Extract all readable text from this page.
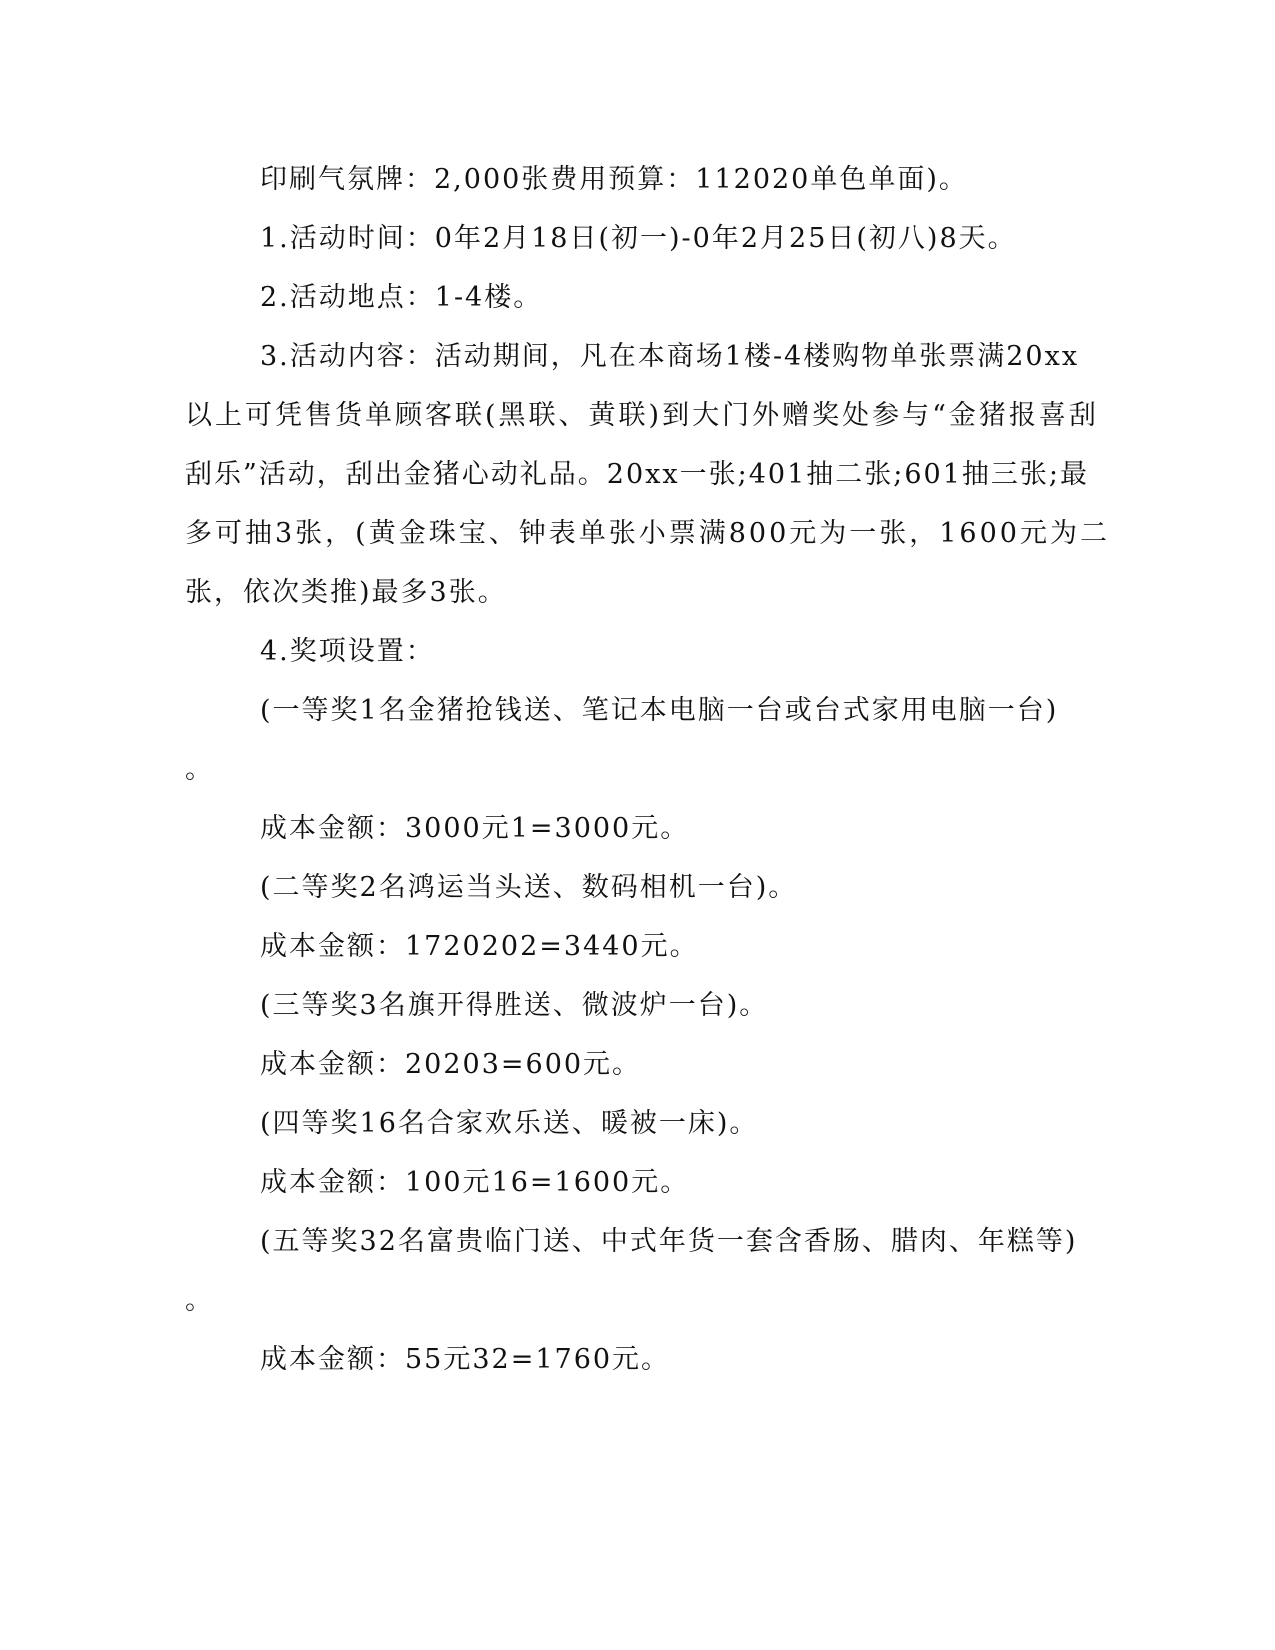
印刷气氛牌：2,000张费用预算：112020单色单面)。
1.活动时间：0年2月18日(初一)-0年2月25日(初八)8天。
2.活动地点：1-4楼。
3.活动内容：活动期间，凡在本商场1楼-4楼购物单张票满20xx
以上可凭售货单顾客联(黑联、黄联)到大门外赠奖处参与“金猪报喜刮
刮乐”活动，刮出金猪心动礼品。20xx一张;401抽二张;601抽三张;最
多可抽3张，(黄金珠宝、钟表单张小票满800元为一张，1600元为二
张，依次类推)最多3张。
4.奖项设置：
(一等奖1名金猪抢钱送、笔记本电脑一台或台式家用电脑一台)
。
成本金额：3000元1=3000元。
(二等奖2名鸿运当头送、数码相机一台)。
成本金额：1720202=3440元。
(三等奖3名旗开得胜送、微波炉一台)。
成本金额：20203=600元。
(四等奖16名合家欢乐送、暖被一床)。
成本金额：100元16=1600元。
(五等奖32名富贵临门送、中式年货一套含香肠、腊肉、年糕等)
。
成本金额：55元32=1760元。
